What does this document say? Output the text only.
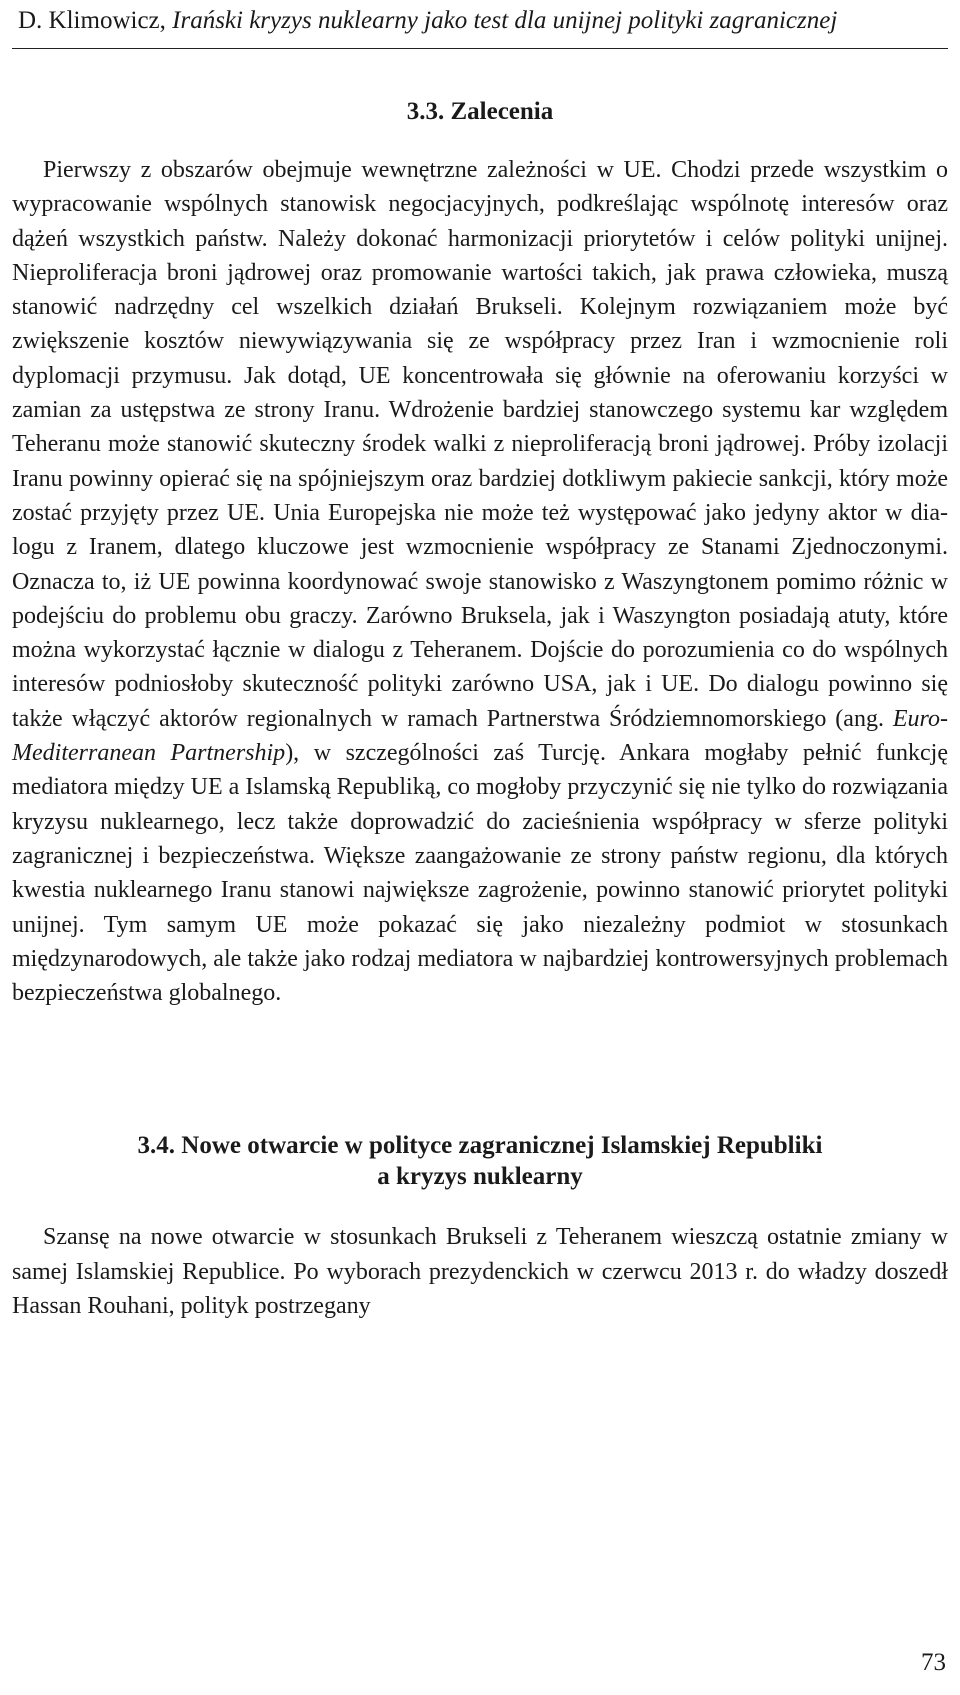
D. Klimowicz, Irański kryzys nuklearny jako test dla unijnej polityki zagranicznej
3.3. Zalecenia

Pierwszy z obszarów obejmuje wewnętrzne zależności w UE. Chodzi przede wszystkim o wypracowanie wspólnych stanowisk negocjacyjnych, podkreślając wspólnotę interesów oraz dążeń wszystkich państw. Należy dokonać harmonizacji priorytetów i celów polityki unijnej. Nieproliferacja broni jądrowej oraz promowanie wartości takich, jak prawa człowieka, muszą stanowić nadrzędny cel wszelkich działań Brukseli. Kolejnym rozwiązaniem może być zwiększenie kosztów niewywiązywania się ze współpracy przez Iran i wzmocnienie roli dyplomacji przymusu. Jak dotąd, UE koncentrowała się głównie na oferowaniu korzyści w zamian za ustępstwa ze strony Iranu. Wdrożenie bardziej stanowczego systemu kar względem Teheranu może stanowić skuteczny środek walki z nieproliferacją broni jądrowej. Próby izolacji Iranu powinny opierać się na spójniejszym oraz bardziej dotkliwym pakiecie sankcji, który może zostać przyjęty przez UE. Unia Europejska nie może też występować jako jedyny aktor w dialogu z Iranem, dlatego kluczowe jest wzmocnienie współpracy ze Stanami Zjednoczonymi. Oznacza to, iż UE powinna koordynować swoje stanowisko z Waszyngtonem pomimo różnic w podejściu do problemu obu graczy. Zarówno Bruksela, jak i Waszyngton posiadają atuty, które można wykorzystać łącznie w dialogu z Teheranem. Dojście do porozumienia co do wspólnych interesów podniosłoby skuteczność polityki zarówno USA, jak i UE. Do dialogu powinno się także włączyć aktorów regionalnych w ramach Partnerstwa Śródziemnomorskiego (ang. Euro-Mediterranean Partnership), w szczególności zaś Turcję. Ankara mogłaby pełnić funkcję mediatora między UE a Islamską Republiką, co mogłoby przyczynić się nie tylko do rozwiązania kryzysu nuklearnego, lecz także doprowadzić do zacieśnienia współpracy w sferze polityki zagranicznej i bezpieczeństwa. Większe zaangażowanie ze strony państw regionu, dla których kwestia nuklearnego Iranu stanowi największe zagrożenie, powinno stanowić priorytet polityki unijnej. Tym samym UE może pokazać się jako niezależny podmiot w stosunkach międzynarodowych, ale także jako rodzaj mediatora w najbardziej kontrowersyjnych problemach bezpieczeństwa globalnego.

3.4. Nowe otwarcie w polityce zagranicznej Islamskiej Republiki
a kryzys nuklearny

Szansę na nowe otwarcie w stosunkach Brukseli z Teheranem wieszczą ostatnie zmiany w samej Islamskiej Republice. Po wyborach prezydenckich w czerwcu 2013 r. do władzy doszedł Hassan Rouhani, polityk postrzegany

73
